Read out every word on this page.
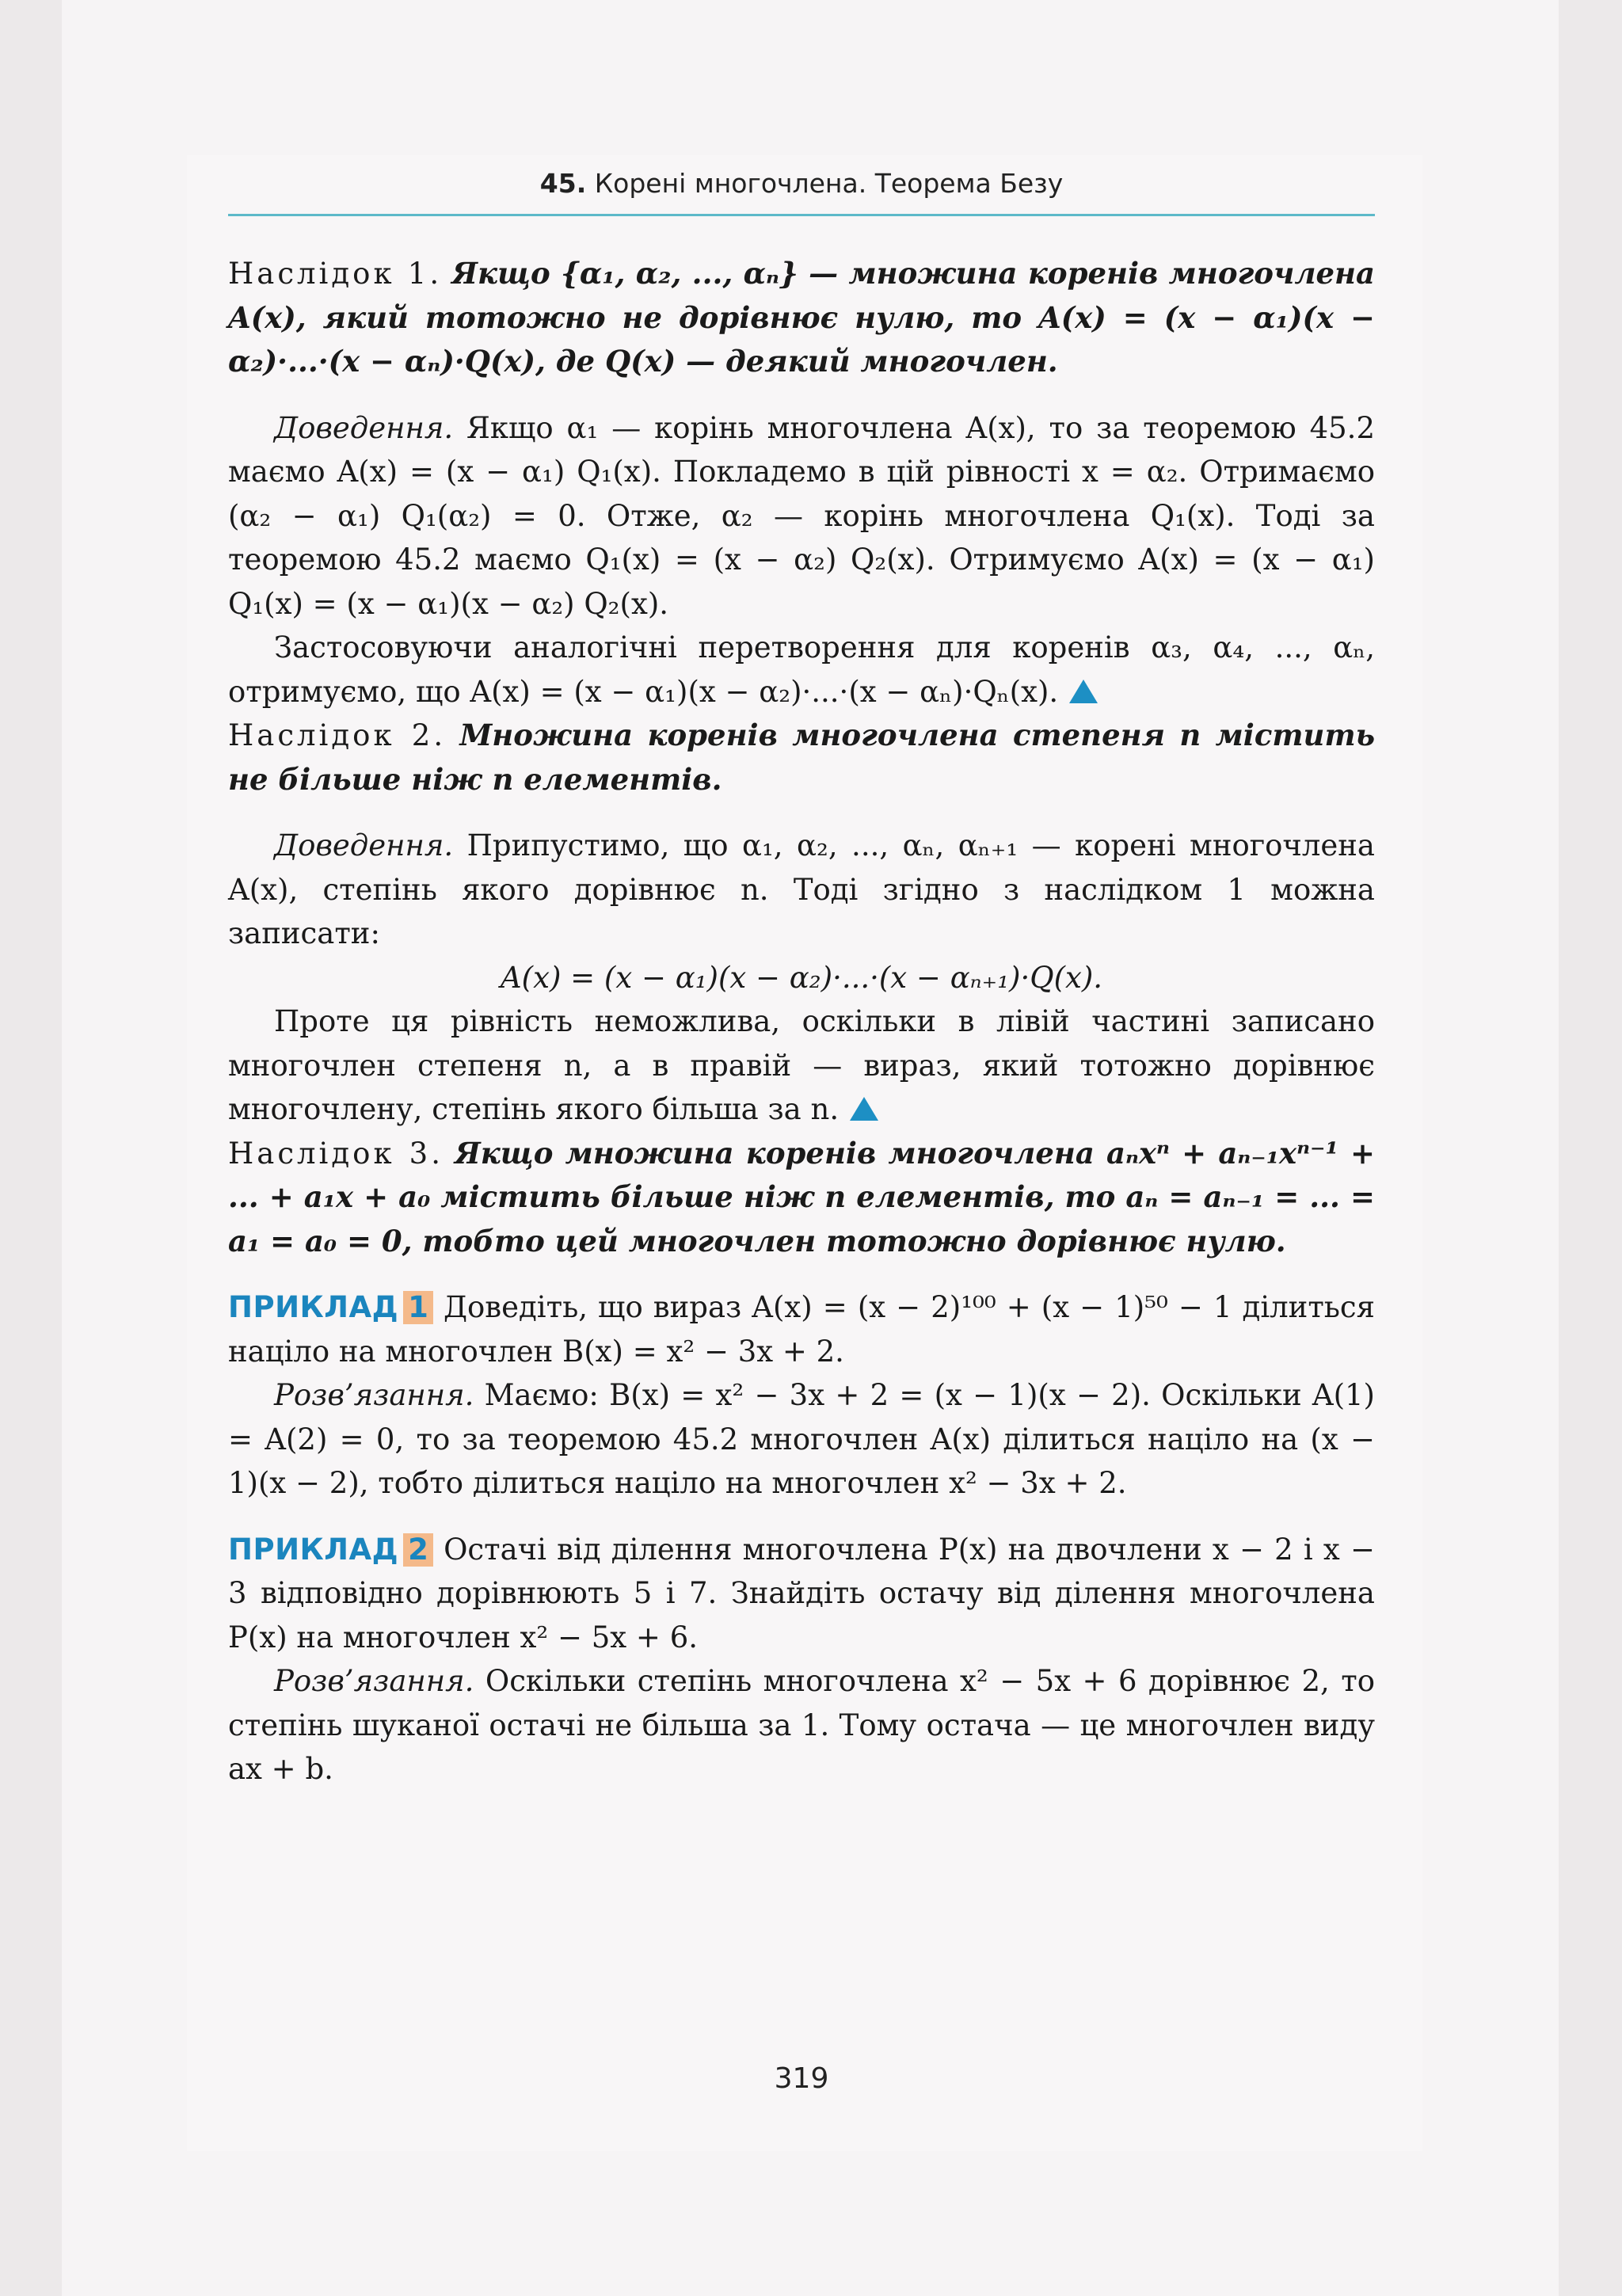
45. Корені многочлена. Теорема Безу

Наслідок 1. Якщо {α₁, α₂, ..., αₙ} — множина коренів многочлена A(x), який тотожно не дорівнює нулю, то A(x) = (x − α₁)(x − α₂)·...·(x − αₙ)·Q(x), де Q(x) — деякий многочлен.

Доведення. Якщо α₁ — корінь многочлена A(x), то за теоремою 45.2 маємо A(x) = (x − α₁) Q₁(x). Покладемо в цій рівності x = α₂. Отримаємо (α₂ − α₁) Q₁(α₂) = 0. Отже, α₂ — корінь многочлена Q₁(x). Тоді за теоремою 45.2 маємо Q₁(x) = (x − α₂) Q₂(x). Отримуємо A(x) = (x − α₁) Q₁(x) = (x − α₁)(x − α₂) Q₂(x).

Застосовуючи аналогічні перетворення для коренів α₃, α₄, ..., αₙ, отримуємо, що A(x) = (x − α₁)(x − α₂)·...·(x − αₙ)·Qₙ(x).

Наслідок 2. Множина коренів многочлена степеня n містить не більше ніж n елементів.

Доведення. Припустимо, що α₁, α₂, ..., αₙ, αₙ₊₁ — корені многочлена A(x), степінь якого дорівнює n. Тоді згідно з наслідком 1 можна записати:

A(x) = (x − α₁)(x − α₂)·...·(x − αₙ₊₁)·Q(x).

Проте ця рівність неможлива, оскільки в лівій частині записано многочлен степеня n, а в правій — вираз, який тотожно дорівнює многочлену, степінь якого більша за n.

Наслідок 3. Якщо множина коренів многочлена aₙxⁿ + aₙ₋₁xⁿ⁻¹ + ... + a₁x + a₀ містить більше ніж n елементів, то aₙ = aₙ₋₁ = ... = a₁ = a₀ = 0, тобто цей многочлен тотожно дорівнює нулю.

ПРИКЛАД 1 Доведіть, що вираз A(x) = (x − 2)¹⁰⁰ + (x − 1)⁵⁰ − 1 ділиться націло на многочлен B(x) = x² − 3x + 2.

Розв’язання. Маємо: B(x) = x² − 3x + 2 = (x − 1)(x − 2). Оскільки A(1) = A(2) = 0, то за теоремою 45.2 многочлен A(x) ділиться націло на (x − 1)(x − 2), тобто ділиться націло на многочлен x² − 3x + 2.

ПРИКЛАД 2 Остачі від ділення многочлена P(x) на двочлени x − 2 і x − 3 відповідно дорівнюють 5 і 7. Знайдіть остачу від ділення многочлена P(x) на многочлен x² − 5x + 6.

Розв’язання. Оскільки степінь многочлена x² − 5x + 6 дорівнює 2, то степінь шуканої остачі не більша за 1. Тому остача — це многочлен виду ax + b.

319
